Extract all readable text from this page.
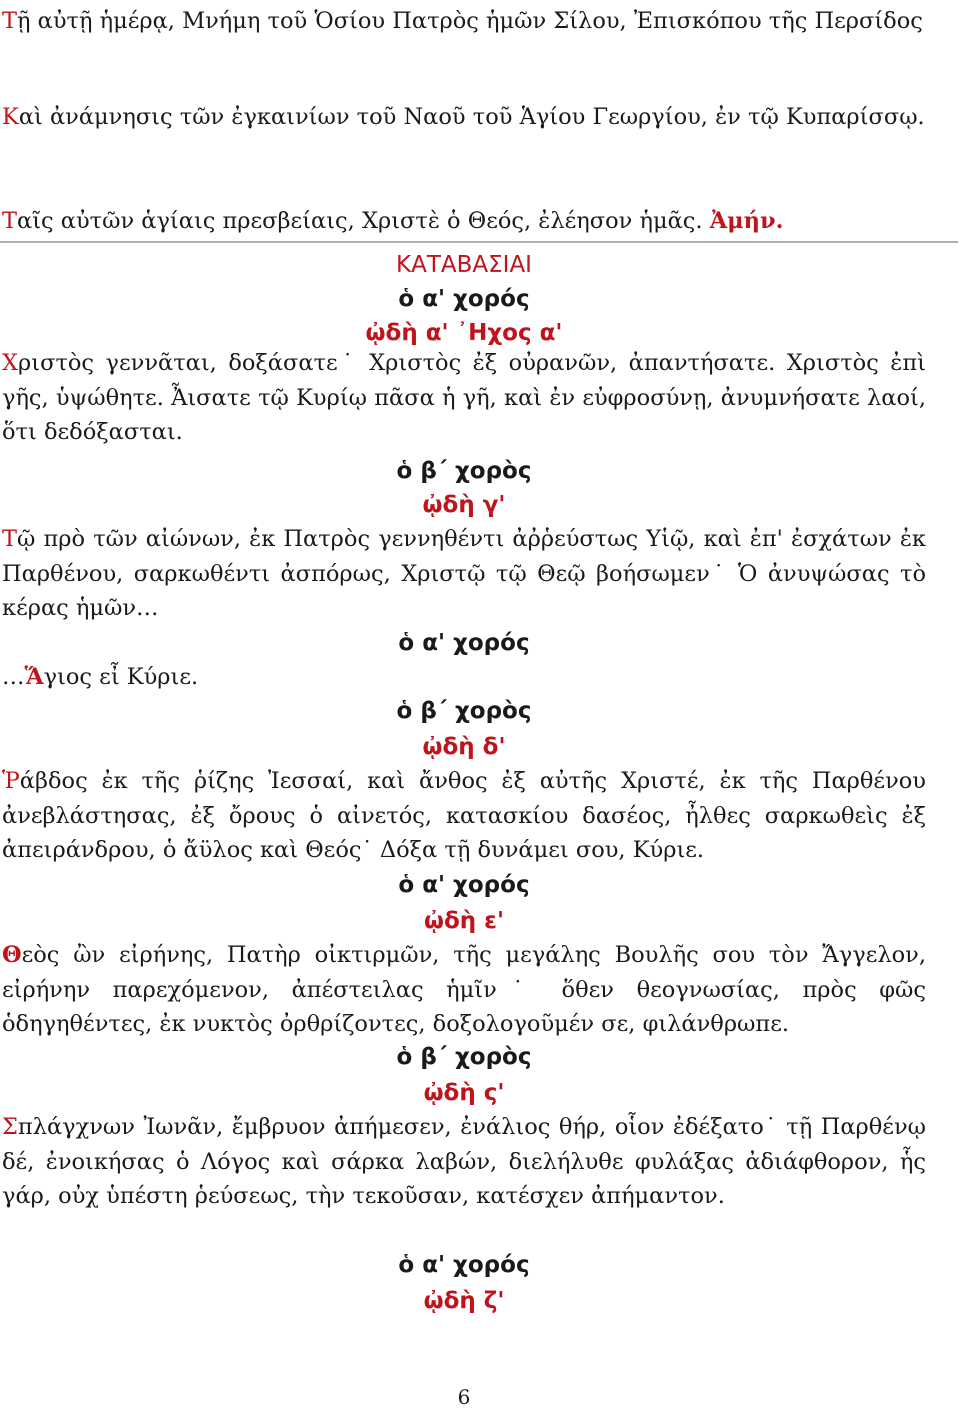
Τῇ αὐτῇ ἡμέρᾳ, Μνήμη τοῦ Ὁσίου Πατρὸς ἡμῶν Σίλου, Ἐπισκόπου τῆς Περσίδος

Καὶ ἀνάμνησις τῶν ἐγκαινίων τοῦ Ναοῦ τοῦ Ἁγίου Γεωργίου, ἐν τῷ Κυπαρίσσῳ.

Ταῖς αὐτῶν ἁγίαις πρεσβείαις, Χριστὲ ὁ Θεός, ἐλέησον ἡμᾶς. Ἀμήν.

ΚΑΤΑΒΑΣΙΑΙ
ὁ α' χορός
ᾠδὴ α' ᾿Ηχος α'

Χριστὸς γεννᾶται, δοξάσατε˙ Χριστὸς ἐξ οὐρανῶν, ἀπαντήσατε. Χριστὸς ἐπὶ γῆς, ὑψώθητε. Ἆισατε τῷ Κυρίῳ πᾶσα ἡ γῆ, καὶ ἐν εὐφροσύνῃ, ἀνυμνήσατε λαοί, ὅτι δεδόξασται.

ὁ β΄ χορὸς
ᾠδὴ γ'

Τῷ πρὸ τῶν αἰώνων, ἐκ Πατρὸς γεννηθέντι ἀῤῥεύστως Υἱῷ, καὶ ἐπ' ἐσχάτων ἐκ Παρθένου, σαρκωθέντι ἀσπόρως, Χριστῷ τῷ Θεῷ βοήσωμεν˙ Ὁ ἀνυψώσας τὸ κέρας ἡμῶν…

ὁ α' χορός

…Ἅγιος εἶ Κύριε.

ὁ β΄ χορὸς
ᾠδὴ δ'

Ῥάβδος ἐκ τῆς ῥίζης Ἰεσσαί, καὶ ἄνθος ἐξ αὐτῆς Χριστέ, ἐκ τῆς Παρθένου ἀνεβλάστησας, ἐξ ὄρους ὁ αἰνετός, κατασκίου δασέος, ἦλθες σαρκωθεὶς ἐξ ἀπειράνδρου, ὁ ἄϋλος καὶ Θεός˙ Δόξα τῇ δυνάμει σου, Κύριε.

ὁ α' χορός
ᾠδὴ ε'

Θεὸς ὢν εἰρήνης, Πατὴρ οἰκτιρμῶν, τῆς μεγάλης Βουλῆς σου τὸν Ἄγγελον, εἰρήνην παρεχόμενον, ἀπέστειλας ἡμῖν˙ ὅθεν θεογνωσίας, πρὸς φῶς ὁδηγηθέντες, ἐκ νυκτὸς ὀρθρίζοντες, δοξολογοῦμέν σε, φιλάνθρωπε.

ὁ β΄ χορὸς
ᾠδὴ ς'

Σπλάγχνων Ἰωνᾶν, ἔμβρυον ἀπήμεσεν, ἐνάλιος θήρ, οἷον ἐδέξατο˙ τῇ Παρθένῳ δέ, ἐνοικήσας ὁ Λόγος καὶ σάρκα λαβών, διελήλυθε φυλάξας ἀδιάφθορον, ἧς γάρ, οὐχ ὑπέστη ῥεύσεως, τὴν τεκοῦσαν, κατέσχεν ἀπήμαντον.

ὁ α' χορός
ᾠδὴ ζ'
6
